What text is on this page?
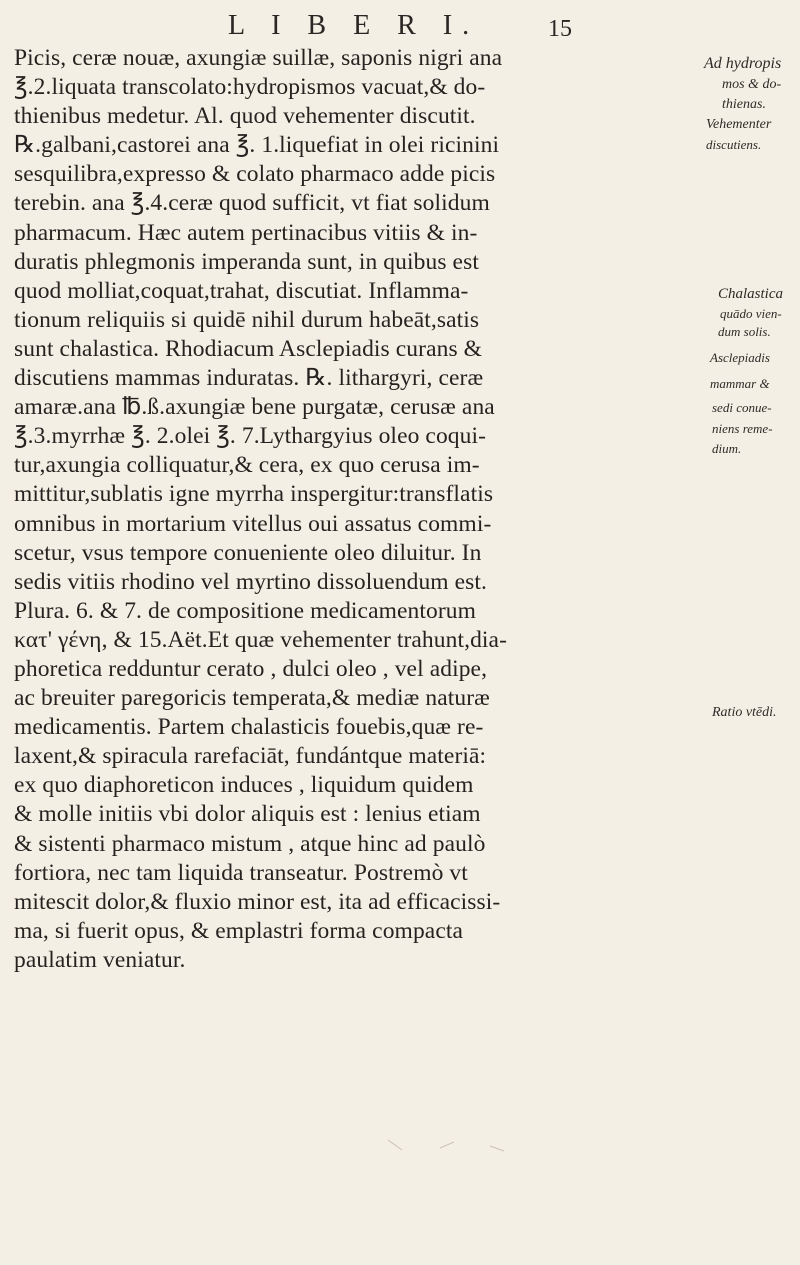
L I B E R I.	15
Picis, ceræ nouæ, axungiæ suillæ, saponis nigri ana
℥.2.liquata transcolato:hydropismos vacuat,& do-
thienibus medetur. Al. quod vehementer discutit.
℞.galbani,castorei ana ℥. 1.liquefiat in olei ricinini
sesquilibra,expresso & colato pharmaco adde picis
terebin. ana ℥.4.ceræ quod sufficit, vt fiat solidum
pharmacum. Hæc autem pertinacibus vitiis & in-
duratis phlegmonis imperanda sunt, in quibus est
quod molliat,coquat,trahat, discutiat. Inflamma-
tionum reliquiis si quidē nihil durum habeāt,satis
sunt chalastica. Rhodiacum Asclepiadis curans &
discutiens mammas induratas. ℞. lithargyri, ceræ
amaræ.ana ℔.ß.axungiæ bene purgatæ, cerusæ ana
℥.3.myrrhæ ℥. 2.olei ℥. 7.Lythargyius oleo coqui-
tur,axungia colliquatur,& cera, ex quo cerusa im-
mittitur,sublatis igne myrrha inspergitur:transflatis
omnibus in mortarium vitellus oui assatus commi-
scetur, vsus tempore conueniente oleo diluitur. In
sedis vitiis rhodino vel myrtino dissoluendum est.
Plura. 6. & 7. de compositione medicamentorum
κατ' γένη, & 15.Aët.Et quæ vehementer trahunt,dia-
phoretica redduntur cerato , dulci oleo , vel adipe,
ac breuiter paregoricis temperata,& mediæ naturæ
medicamentis. Partem chalasticis fouebis,quæ re-
laxent,& spiracula rarefaciāt, fundántque materiā:
ex quo diaphoreticon induces , liquidum quidem
& molle initiis vbi dolor aliquis est : lenius etiam
& sistenti pharmaco mistum , atque hinc ad paulò
fortiora, nec tam liquida transeatur. Postremò vt
mitescit dolor,& fluxio minor est, ita ad efficacissi-
ma, si fuerit opus, & emplastri forma compacta
paulatim veniatur.
Ad hydropis
mos & do-
thienas.
Vehementer
discutiens.
Chalastica
quādo vien-
dum solis.
Asclepiadis
mammar &
sedi conue-
niens reme-
dium.
Ratio vtēdi.
